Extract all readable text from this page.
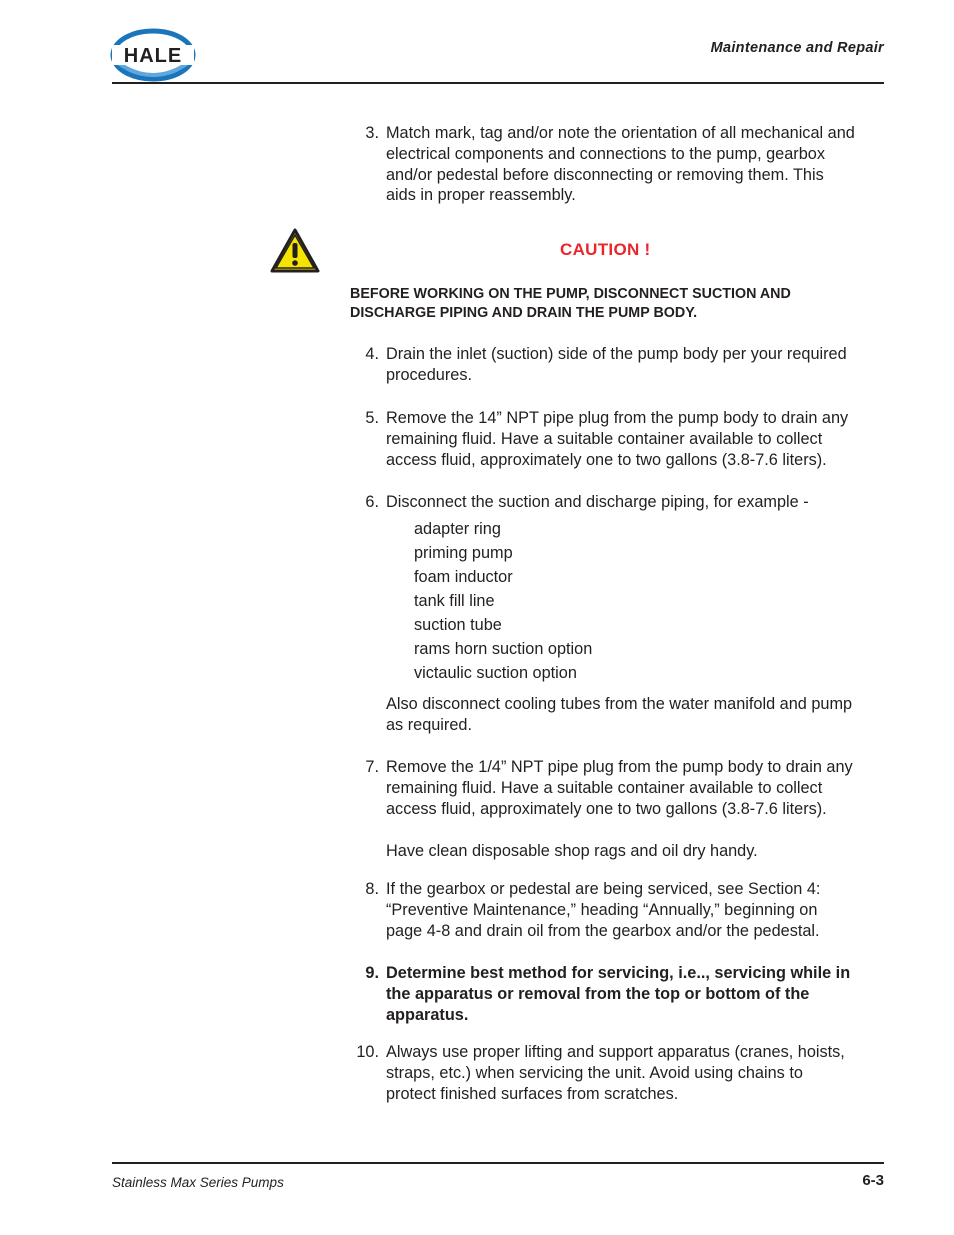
HALE	Maintenance and Repair
3. Match mark, tag and/or note the orientation of all mechanical and
electrical components and connections to the pump, gearbox
and/or pedestal before disconnecting or removing them. This
aids in proper reassembly.
CAUTION !
BEFORE WORKING ON THE PUMP, DISCONNECT SUCTION AND
DISCHARGE PIPING AND DRAIN THE PUMP BODY.
4. Drain the inlet (suction) side of the pump body per your required
procedures.
5. Remove the 14” NPT pipe plug from the pump body to drain any
remaining fluid. Have a suitable container available to collect
access fluid, approximately one to two gallons (3.8-7.6 liters).
6. Disconnect the suction and discharge piping, for example -
adapter ring
priming pump
foam inductor
tank fill line
suction tube
rams horn suction option
victaulic suction option
Also disconnect cooling tubes from the water manifold and pump
as required.
7. Remove the 1/4” NPT pipe plug from the pump body to drain any
remaining fluid. Have a suitable container available to collect
access fluid, approximately one to two gallons (3.8-7.6 liters).
Have clean disposable shop rags and oil dry handy.
8. If the gearbox or pedestal are being serviced, see Section 4:
“Preventive Maintenance,” heading “Annually,” beginning on
page 4-8 and drain oil from the gearbox and/or the pedestal.
9. Determine best method for servicing, i.e.., servicing while in
the apparatus or removal from the top or bottom of the
apparatus.
10. Always use proper lifting and support apparatus (cranes, hoists,
straps, etc.) when servicing the unit. Avoid using chains to
protect finished surfaces from scratches.
Stainless Max Series Pumps	6-3
